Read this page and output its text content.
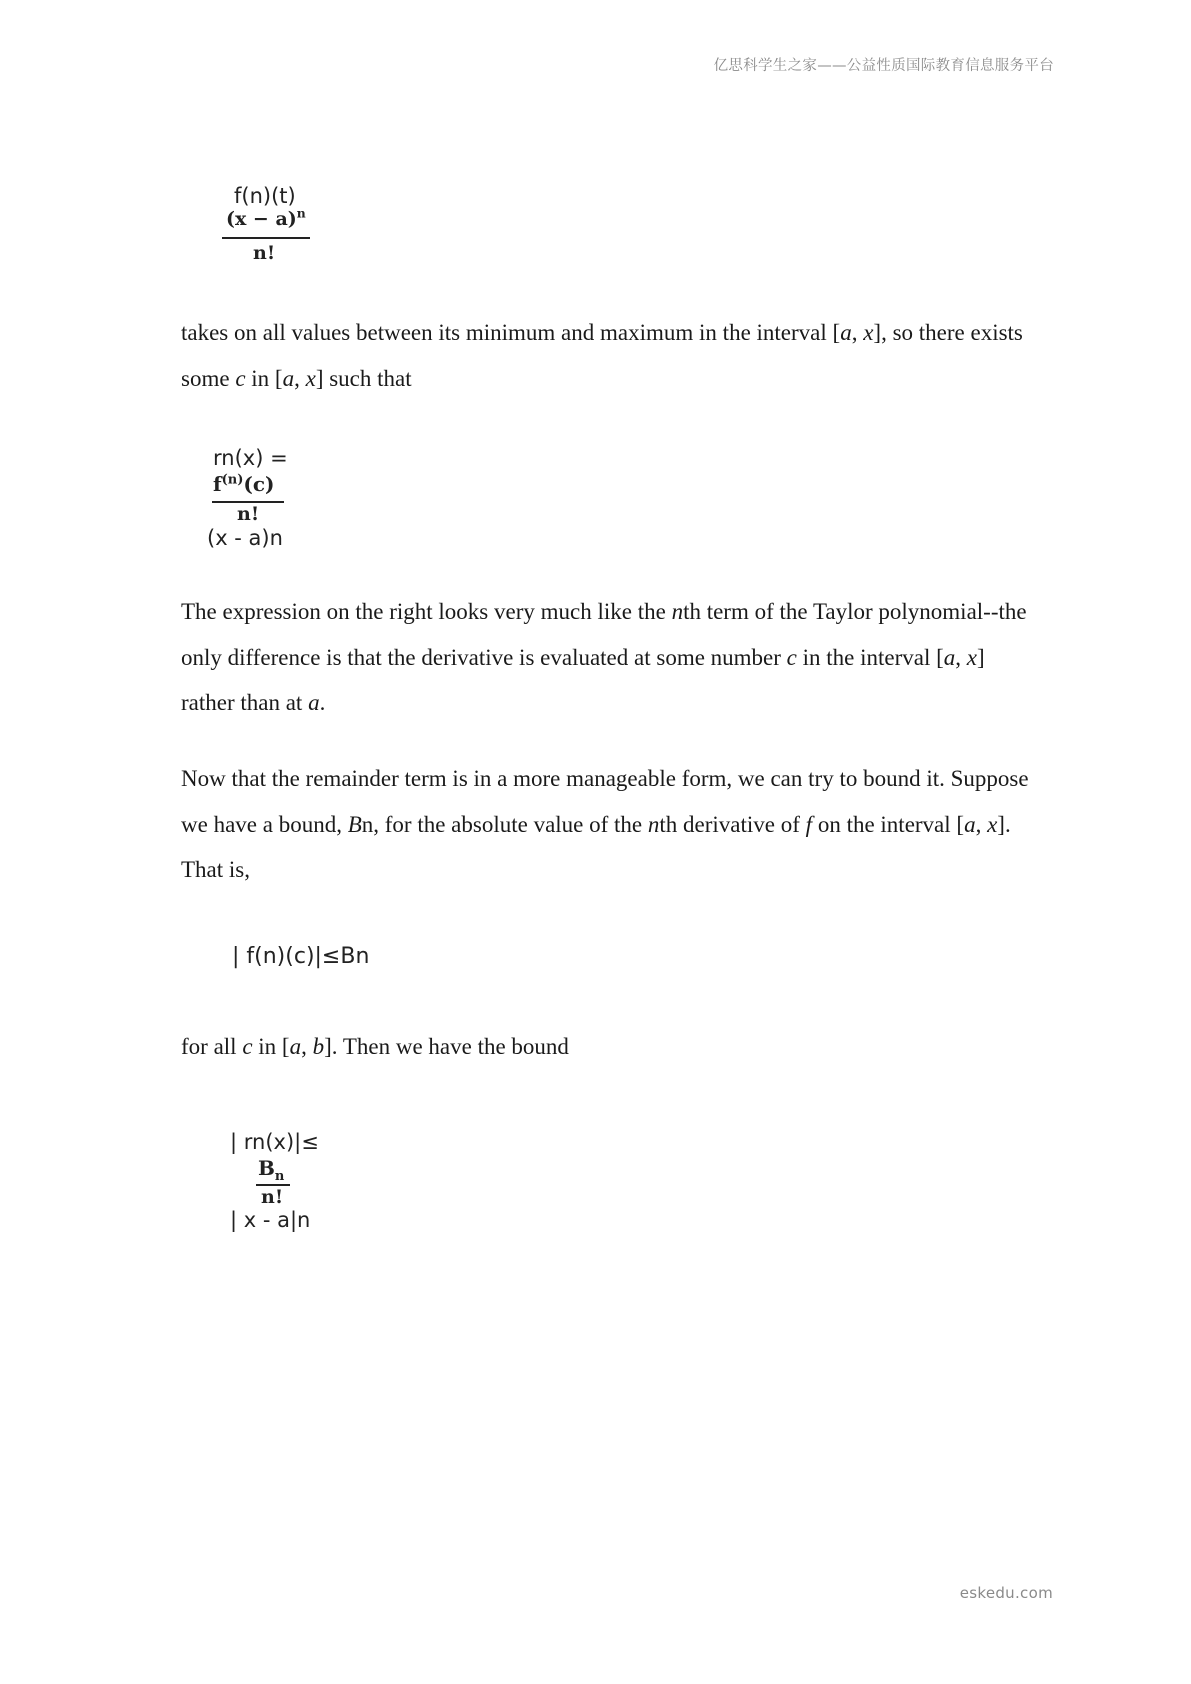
亿思科学生之家——公益性质国际教育信息服务平台
f(n)(t)
$(x - a)^n$
n!
takes on all values between its minimum and maximum in the interval [a, x], so there exists some c in [a, x] such that
rn(x) =
$f^{(n)}(c)$
n!
(x - a)n
The expression on the right looks very much like the nth term of the Taylor polynomial--the only difference is that the derivative is evaluated at some number c in the interval [a, x] rather than at a.
Now that the remainder term is in a more manageable form, we can try to bound it. Suppose we have a bound, Bn, for the absolute value of the nth derivative of f on the interval [a, x]. That is,
| f(n)(c)|≤Bn
for all c in [a, b]. Then we have the bound
| rn(x)|≤
$B_n$
n!
| x - a|n
eskedu.com
